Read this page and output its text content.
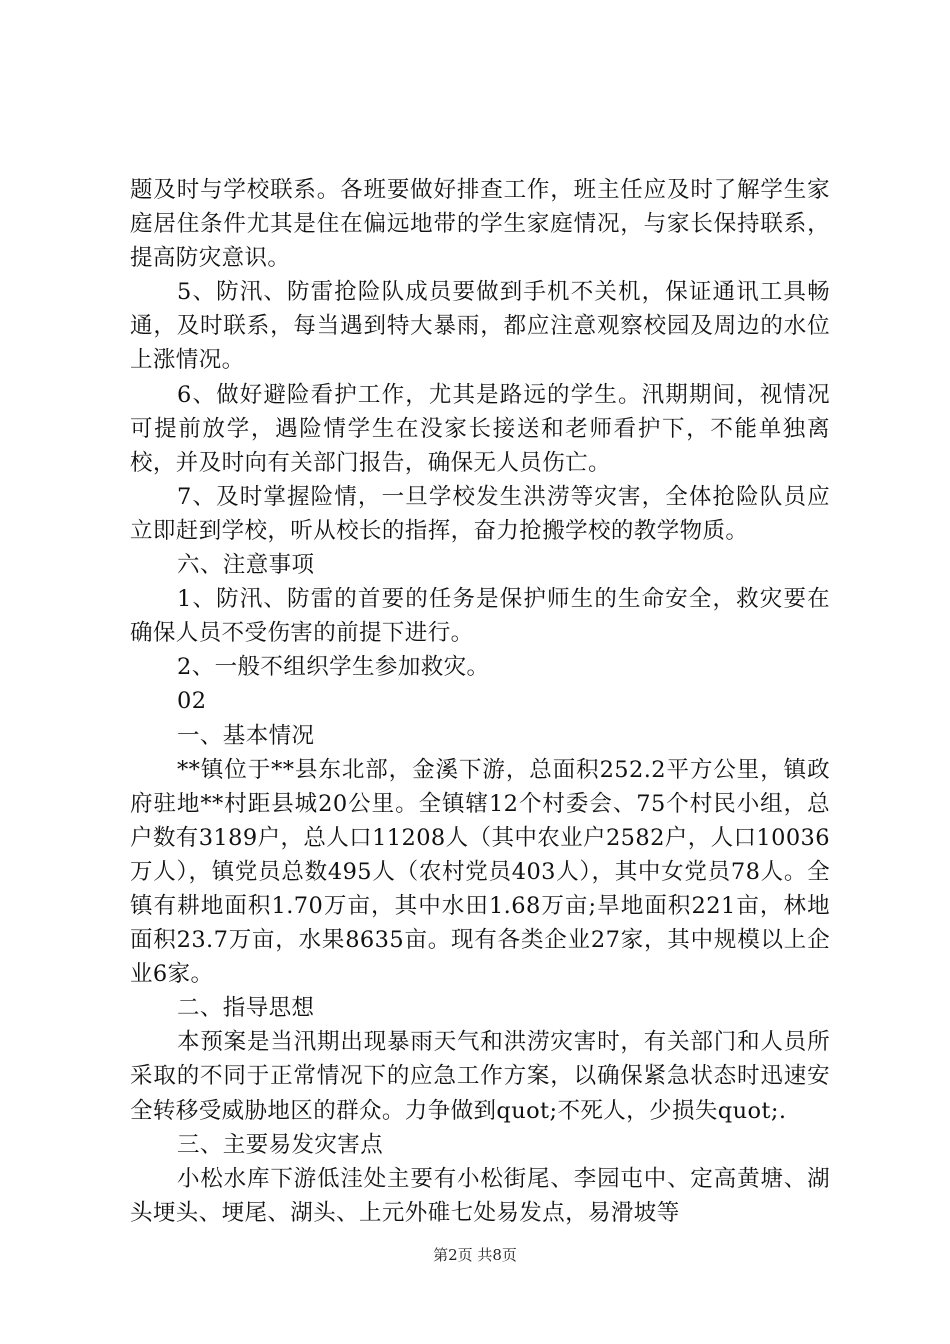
题及时与学校联系。各班要做好排查工作，班主任应及时了解学生家庭居住条件尤其是住在偏远地带的学生家庭情况，与家长保持联系，提高防灾意识。

5、防汛、防雷抢险队成员要做到手机不关机，保证通讯工具畅通，及时联系，每当遇到特大暴雨，都应注意观察校园及周边的水位上涨情况。

6、做好避险看护工作，尤其是路远的学生。汛期期间，视情况可提前放学，遇险情学生在没家长接送和老师看护下，不能单独离校，并及时向有关部门报告，确保无人员伤亡。

7、及时掌握险情，一旦学校发生洪涝等灾害，全体抢险队员应立即赶到学校，听从校长的指挥，奋力抢搬学校的教学物质。

六、注意事项

1、防汛、防雷的首要的任务是保护师生的生命安全，救灾要在确保人员不受伤害的前提下进行。

2、一般不组织学生参加救灾。

02

一、基本情况

**镇位于**县东北部，金溪下游，总面积252.2平方公里，镇政府驻地**村距县城20公里。全镇辖12个村委会、75个村民小组，总户数有3189户，总人口11208人（其中农业户2582户，人口10036万人），镇党员总数495人（农村党员403人），其中女党员78人。全镇有耕地面积1.70万亩，其中水田1.68万亩;旱地面积221亩，林地面积23.7万亩，水果8635亩。现有各类企业27家，其中规模以上企业6家。

二、指导思想

本预案是当汛期出现暴雨天气和洪涝灾害时，有关部门和人员所采取的不同于正常情况下的应急工作方案，以确保紧急状态时迅速安全转移受威胁地区的群众。力争做到quot;不死人，少损失quot;.

三、主要易发灾害点

小松水库下游低洼处主要有小松街尾、李园屯中、定高黄塘、湖头埂头、埂尾、湖头、上元外碓七处易发点，易滑坡等

第2页 共8页
